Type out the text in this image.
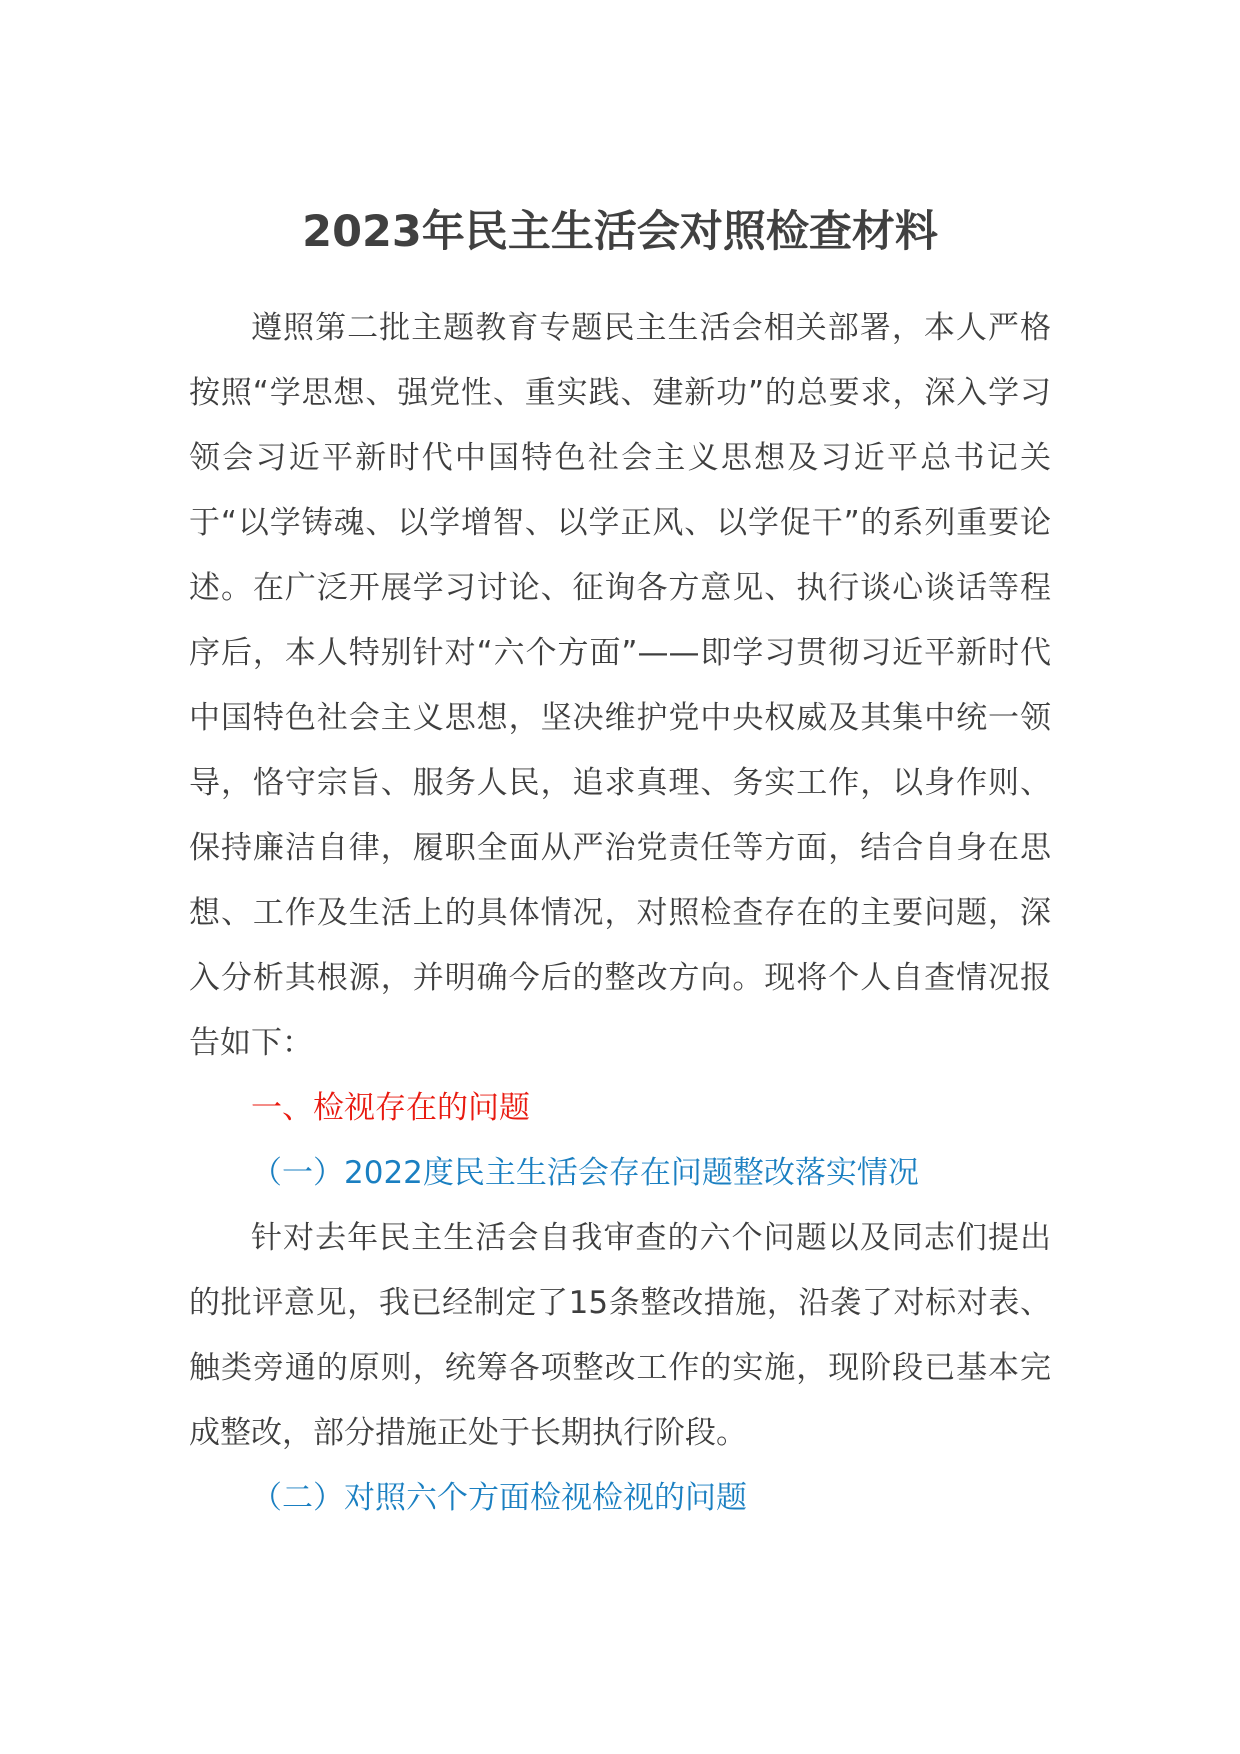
2023年民主生活会对照检查材料

遵照第二批主题教育专题民主生活会相关部署，本人严格按照“学思想、强党性、重实践、建新功”的总要求，深入学习领会习近平新时代中国特色社会主义思想及习近平总书记关于“以学铸魂、以学增智、以学正风、以学促干”的系列重要论述。在广泛开展学习讨论、征询各方意见、执行谈心谈话等程序后，本人特别针对“六个方面”——即学习贯彻习近平新时代中国特色社会主义思想，坚决维护党中央权威及其集中统一领导，恪守宗旨、服务人民，追求真理、务实工作，以身作则、保持廉洁自律，履职全面从严治党责任等方面，结合自身在思想、工作及生活上的具体情况，对照检查存在的主要问题，深入分析其根源，并明确今后的整改方向。现将个人自查情况报告如下：

一、检视存在的问题

（一）2022度民主生活会存在问题整改落实情况

针对去年民主生活会自我审查的六个问题以及同志们提出的批评意见，我已经制定了15条整改措施，沿袭了对标对表、触类旁通的原则，统筹各项整改工作的实施，现阶段已基本完成整改，部分措施正处于长期执行阶段。

（二）对照六个方面检视检视的问题
